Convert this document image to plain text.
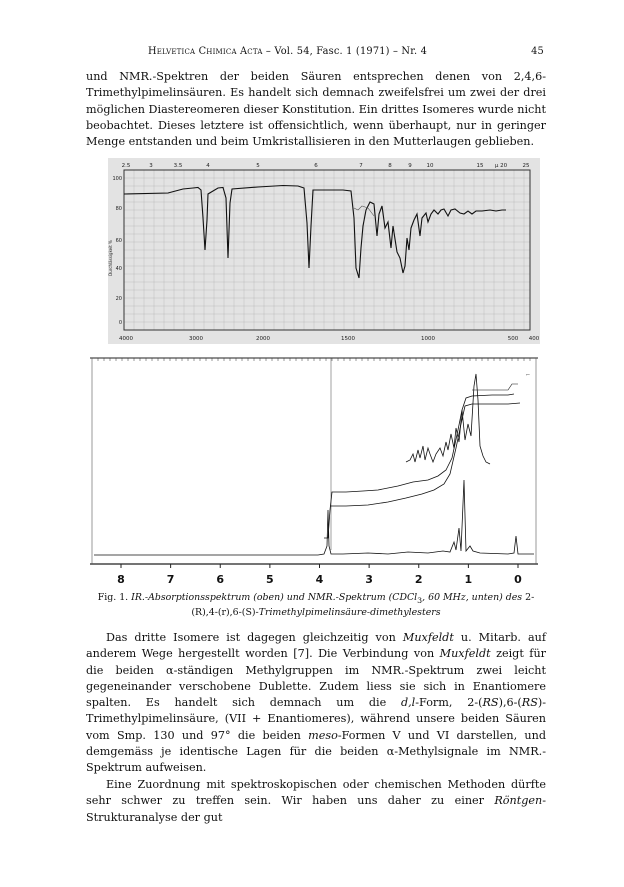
Helvetica Chimica Acta – Vol. 54, Fasc. 1 (1971) – Nr. 4	45

und NMR.-Spektren der beiden Säuren entsprechen denen von 2,4,6-Trimethylpimelinsäuren. Es handelt sich demnach zweifelsfrei um zwei der drei möglichen Diastereomeren dieser Konstitution. Ein drittes Isomeres wurde nicht beobachtet. Dieses letztere ist offensichtlich, wenn überhaupt, nur in geringer Menge entstanden und beim Umkristallisieren in den Mutterlaugen geblieben.

Durchlässigkeit %
2.5	3	3.5	4	5	6	7	8	9	10	15 μ 20	25
4000	3000	2000	1500	1000	500 400
100
80
60
40
20
0
8	7	6	5	4	3	2	1	0
⌐
Fig. 1. IR.-Absorptionsspektrum (oben) und NMR.-Spektrum (CDCl$_3$, 60 MHz, unten) des 2-(R),4-(r),6-(S)-Trimethylpimelinsäure-dimethylesters

Das dritte Isomere ist dagegen gleichzeitig von Muxfeldt u. Mitarb. auf anderem Wege hergestellt worden [7]. Die Verbindung von Muxfeldt zeigt für die beiden α-ständigen Methylgruppen im NMR.-Spektrum zwei leicht gegeneinander verschobene Dublette. Zudem liess sie sich in Enantiomere spalten. Es handelt sich demnach um die d,l-Form, 2-(RS),6-(RS)-Trimethylpimelinsäure, (VII + Enantiomeres), während unsere beiden Säuren vom Smp. 130 und 97° die beiden meso-Formen V und VI darstellen, und demgemäss je identische Lagen für die beiden α-Methylsignale im NMR.-Spektrum aufweisen.

Eine Zuordnung mit spektroskopischen oder chemischen Methoden dürfte sehr schwer zu treffen sein. Wir haben uns daher zu einer Röntgen-Strukturanalyse der gut
